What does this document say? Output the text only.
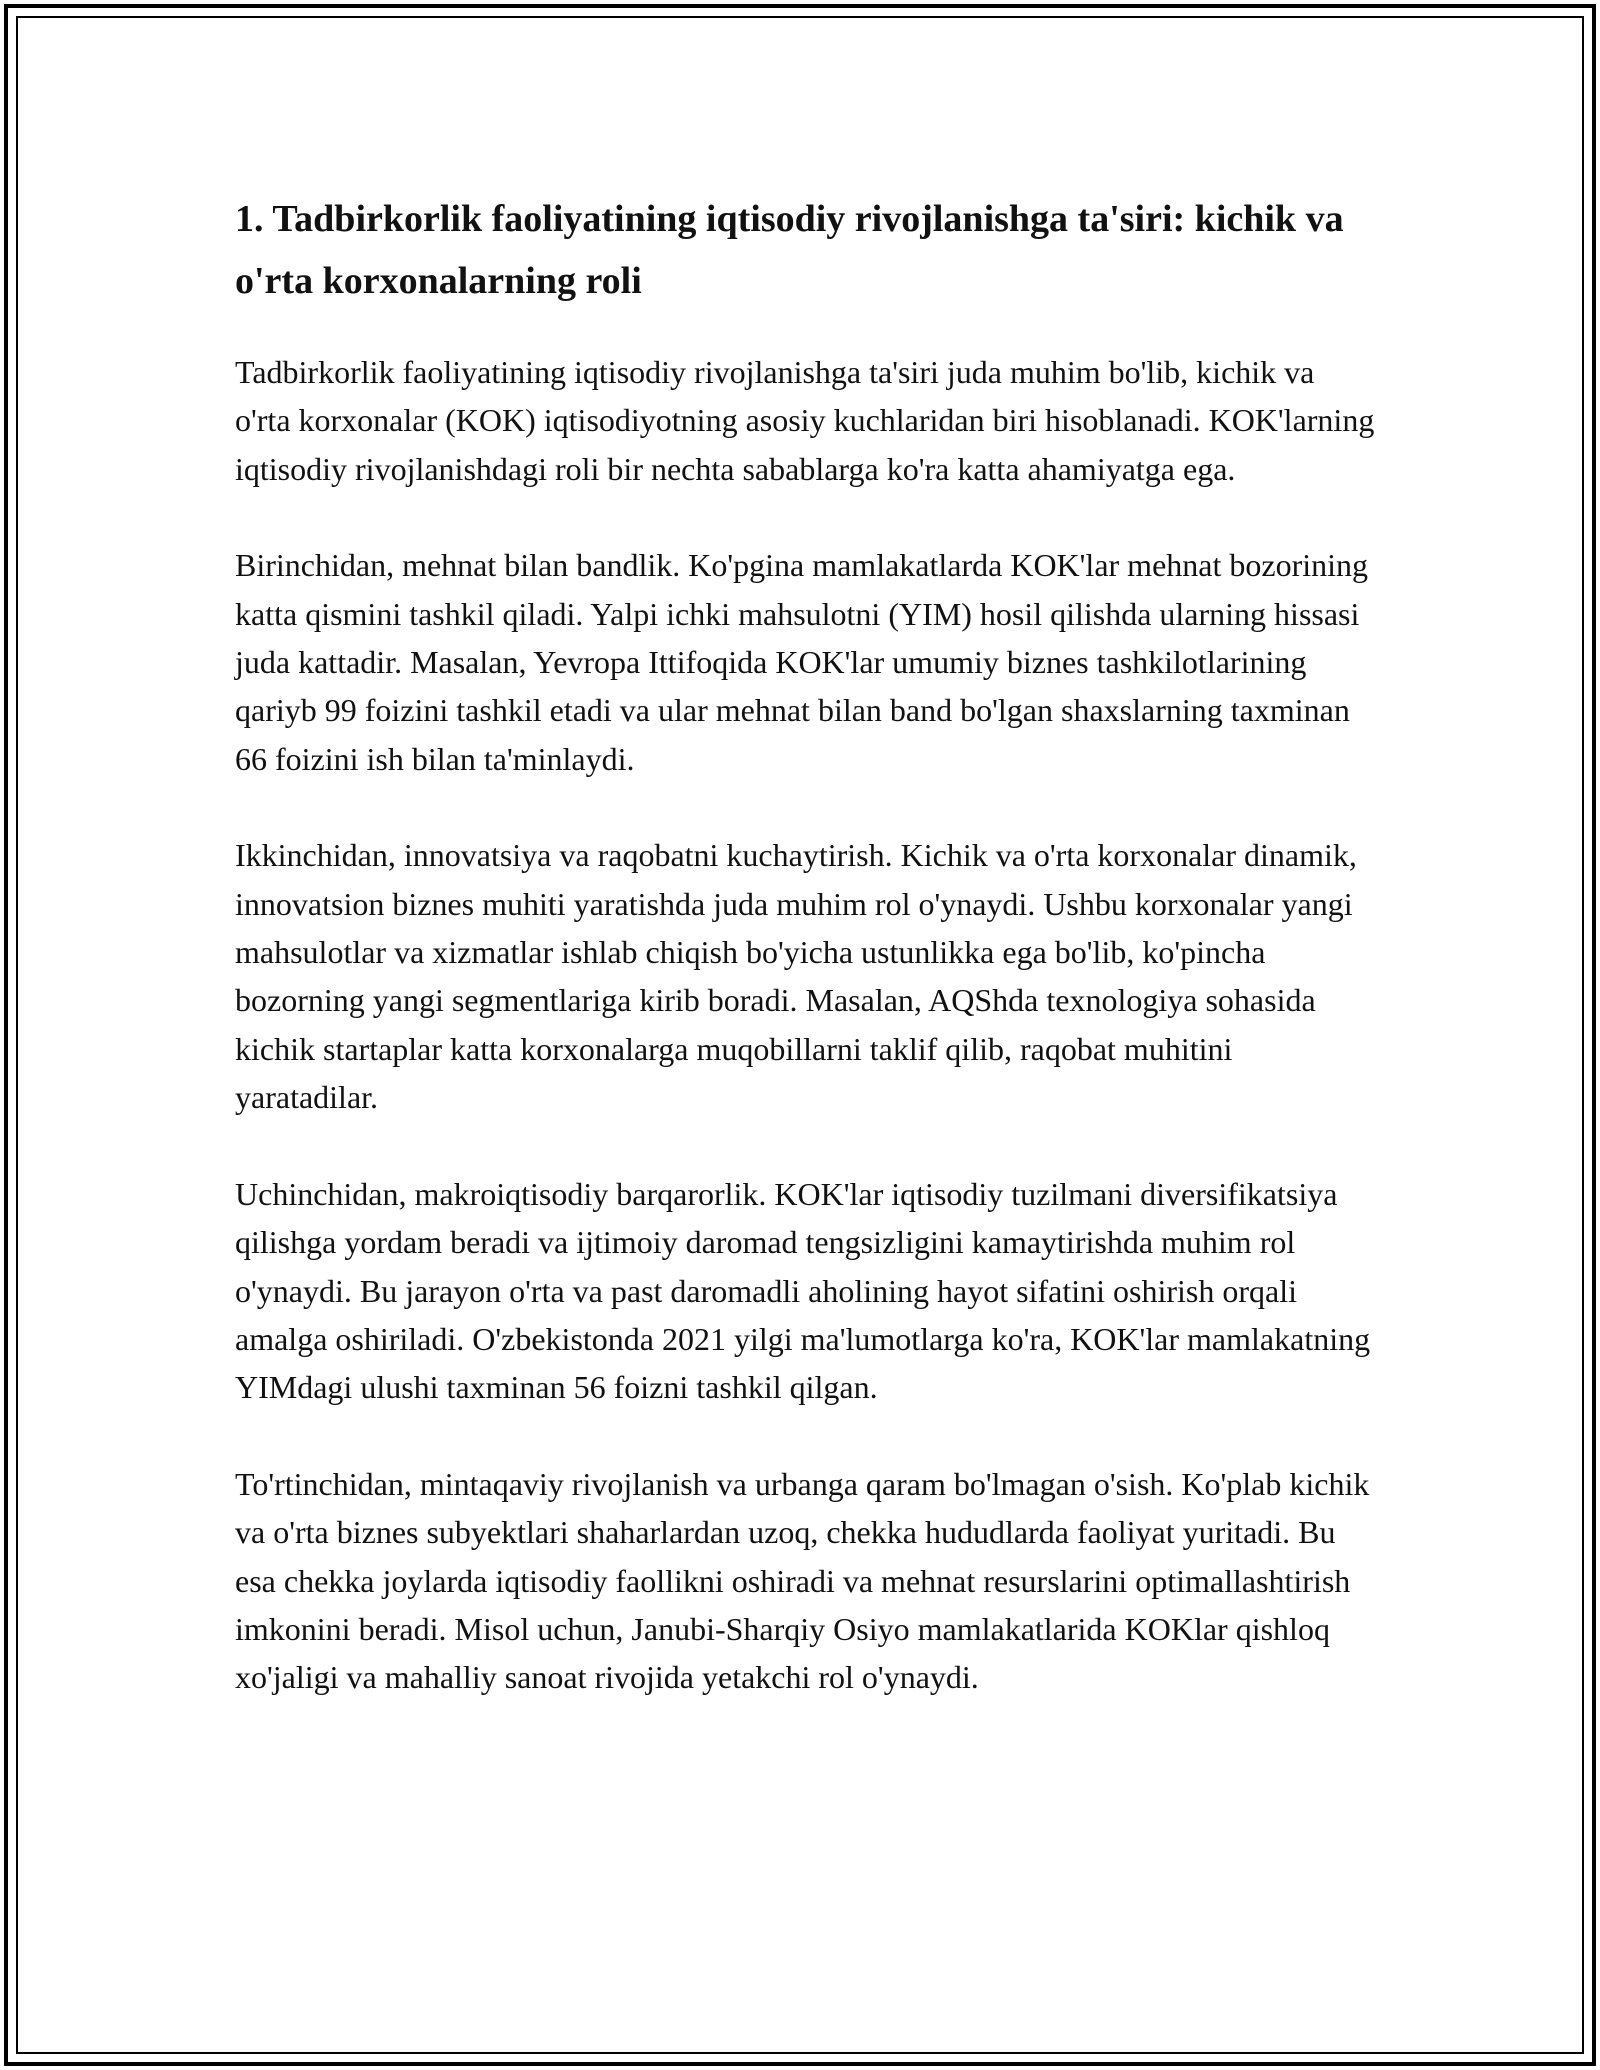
1. Tadbirkorlik faoliyatining iqtisodiy rivojlanishga ta'siri: kichik va o'rta korxonalarning roli

Tadbirkorlik faoliyatining iqtisodiy rivojlanishga ta'siri juda muhim bo'lib, kichik va o'rta korxonalar (KOK) iqtisodiyotning asosiy kuchlaridan biri hisoblanadi. KOK'larning iqtisodiy rivojlanishdagi roli bir nechta sabablarga ko'ra katta ahamiyatga ega.

Birinchidan, mehnat bilan bandlik. Ko'pgina mamlakatlarda KOK'lar mehnat bozorining katta qismini tashkil qiladi. Yalpi ichki mahsulotni (YIM) hosil qilishda ularning hissasi juda kattadir. Masalan, Yevropa Ittifoqida KOK'lar umumiy biznes tashkilotlarining qariyb 99 foizini tashkil etadi va ular mehnat bilan band bo'lgan shaxslarning taxminan 66 foizini ish bilan ta'minlaydi.

Ikkinchidan, innovatsiya va raqobatni kuchaytirish. Kichik va o'rta korxonalar dinamik, innovatsion biznes muhiti yaratishda juda muhim rol o'ynaydi. Ushbu korxonalar yangi mahsulotlar va xizmatlar ishlab chiqish bo'yicha ustunlikka ega bo'lib, ko'pincha bozorning yangi segmentlariga kirib boradi. Masalan, AQShda texnologiya sohasida kichik startaplar katta korxonalarga muqobillarni taklif qilib, raqobat muhitini yaratadilar.

Uchinchidan, makroiqtisodiy barqarorlik. KOK'lar iqtisodiy tuzilmani diversifikatsiya qilishga yordam beradi va ijtimoiy daromad tengsizligini kamaytirishda muhim rol o'ynaydi. Bu jarayon o'rta va past daromadli aholining hayot sifatini oshirish orqali amalga oshiriladi. O'zbekistonda 2021 yilgi ma'lumotlarga ko'ra, KOK'lar mamlakatning YIMdagi ulushi taxminan 56 foizni tashkil qilgan.

To'rtinchidan, mintaqaviy rivojlanish va urbanga qaram bo'lmagan o'sish. Ko'plab kichik va o'rta biznes subyektlari shaharlardan uzoq, chekka hududlarda faoliyat yuritadi. Bu esa chekka joylarda iqtisodiy faollikni oshiradi va mehnat resurslarini optimallashtirish imkonini beradi. Misol uchun, Janubi-Sharqiy Osiyo mamlakatlarida KOKlar qishloq xo'jaligi va mahalliy sanoat rivojida yetakchi rol o'ynaydi.
